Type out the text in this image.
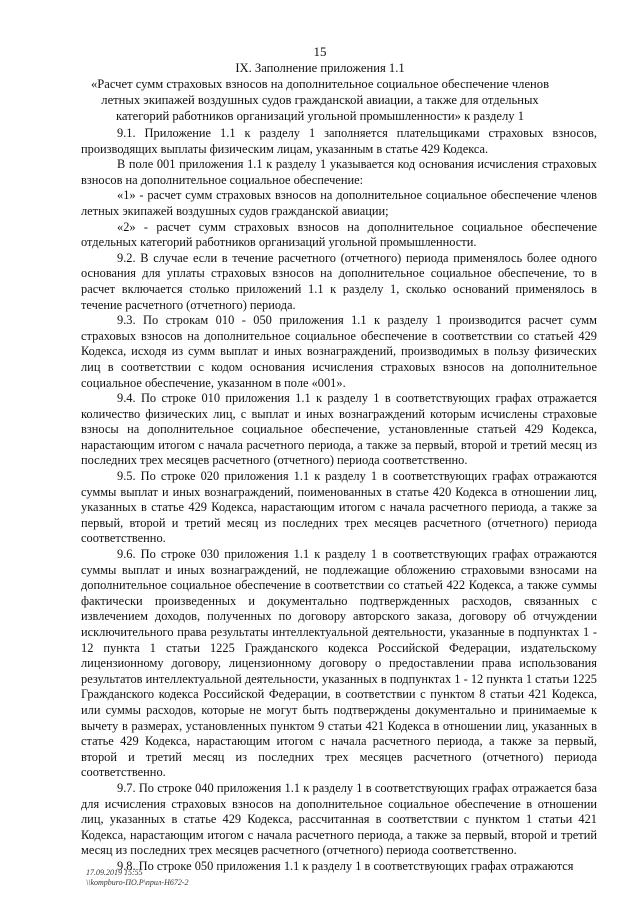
15
IX. Заполнение приложения 1.1
«Расчет сумм страховых взносов на дополнительное социальное обеспечение членов летных экипажей воздушных судов гражданской авиации, а также для отдельных категорий работников организаций угольной промышленности» к разделу 1

9.1. Приложение 1.1 к разделу 1 заполняется плательщиками страховых взносов, производящих выплаты физическим лицам, указанным в статье 429 Кодекса.

В поле 001 приложения 1.1 к разделу 1 указывается код основания исчисления страховых взносов на дополнительное социальное обеспечение:

«1» - расчет сумм страховых взносов на дополнительное социальное обеспечение членов летных экипажей воздушных судов гражданской авиации;

«2» - расчет сумм страховых взносов на дополнительное социальное обеспечение отдельных категорий работников организаций угольной промышленности.

9.2. В случае если в течение расчетного (отчетного) периода применялось более одного основания для уплаты страховых взносов на дополнительное социальное обеспечение, то в расчет включается столько приложений 1.1 к разделу 1, сколько оснований применялось в течение расчетного (отчетного) периода.

9.3. По строкам 010 - 050 приложения 1.1 к разделу 1 производится расчет сумм страховых взносов на дополнительное социальное обеспечение в соответствии со статьей 429 Кодекса, исходя из сумм выплат и иных вознаграждений, производимых в пользу физических лиц в соответствии с кодом основания исчисления страховых взносов на дополнительное социальное обеспечение, указанном в поле «001».

9.4. По строке 010 приложения 1.1 к разделу 1 в соответствующих графах отражается количество физических лиц, с выплат и иных вознаграждений которым исчислены страховые взносы на дополнительное социальное обеспечение, установленные статьей 429 Кодекса, нарастающим итогом с начала расчетного периода, а также за первый, второй и третий месяц из последних трех месяцев расчетного (отчетного) периода соответственно.

9.5. По строке 020 приложения 1.1 к разделу 1 в соответствующих графах отражаются суммы выплат и иных вознаграждений, поименованных в статье 420 Кодекса в отношении лиц, указанных в статье 429 Кодекса, нарастающим итогом с начала расчетного периода, а также за первый, второй и третий месяц из последних трех месяцев расчетного (отчетного) периода соответственно.

9.6. По строке 030 приложения 1.1 к разделу 1 в соответствующих графах отражаются суммы выплат и иных вознаграждений, не подлежащие обложению страховыми взносами на дополнительное социальное обеспечение в соответствии со статьей 422 Кодекса, а также суммы фактически произведенных и документально подтвержденных расходов, связанных с извлечением доходов, полученных по договору авторского заказа, договору об отчуждении исключительного права результаты интеллектуальной деятельности, указанные в подпунктах 1 - 12 пункта 1 статьи 1225 Гражданского кодекса Российской Федерации, издательскому лицензионному договору, лицензионному договору о предоставлении права использования результатов интеллектуальной деятельности, указанных в подпунктах 1 - 12 пункта 1 статьи 1225 Гражданского кодекса Российской Федерации, в соответствии с пунктом 8 статьи 421 Кодекса, или суммы расходов, которые не могут быть подтверждены документально и принимаемые к вычету в размерах, установленных пунктом 9 статьи 421 Кодекса в отношении лиц, указанных в статье 429 Кодекса, нарастающим итогом с начала расчетного периода, а также за первый, второй и третий месяц из последних трех месяцев расчетного (отчетного) периода соответственно.

9.7. По строке 040 приложения 1.1 к разделу 1 в соответствующих графах отражается база для исчисления страховых взносов на дополнительное социальное обеспечение в отношении лиц, указанных в статье 429 Кодекса, рассчитанная в соответствии с пунктом 1 статьи 421 Кодекса, нарастающим итогом с начала расчетного периода, а также за первый, второй и третий месяц из последних трех месяцев расчетного (отчетного) периода соответственно.

9.8. По строке 050 приложения 1.1 к разделу 1 в соответствующих графах отражаются

17.09.2019 15:55
\\kompburo-ПО.Р\прил-Н672-2
